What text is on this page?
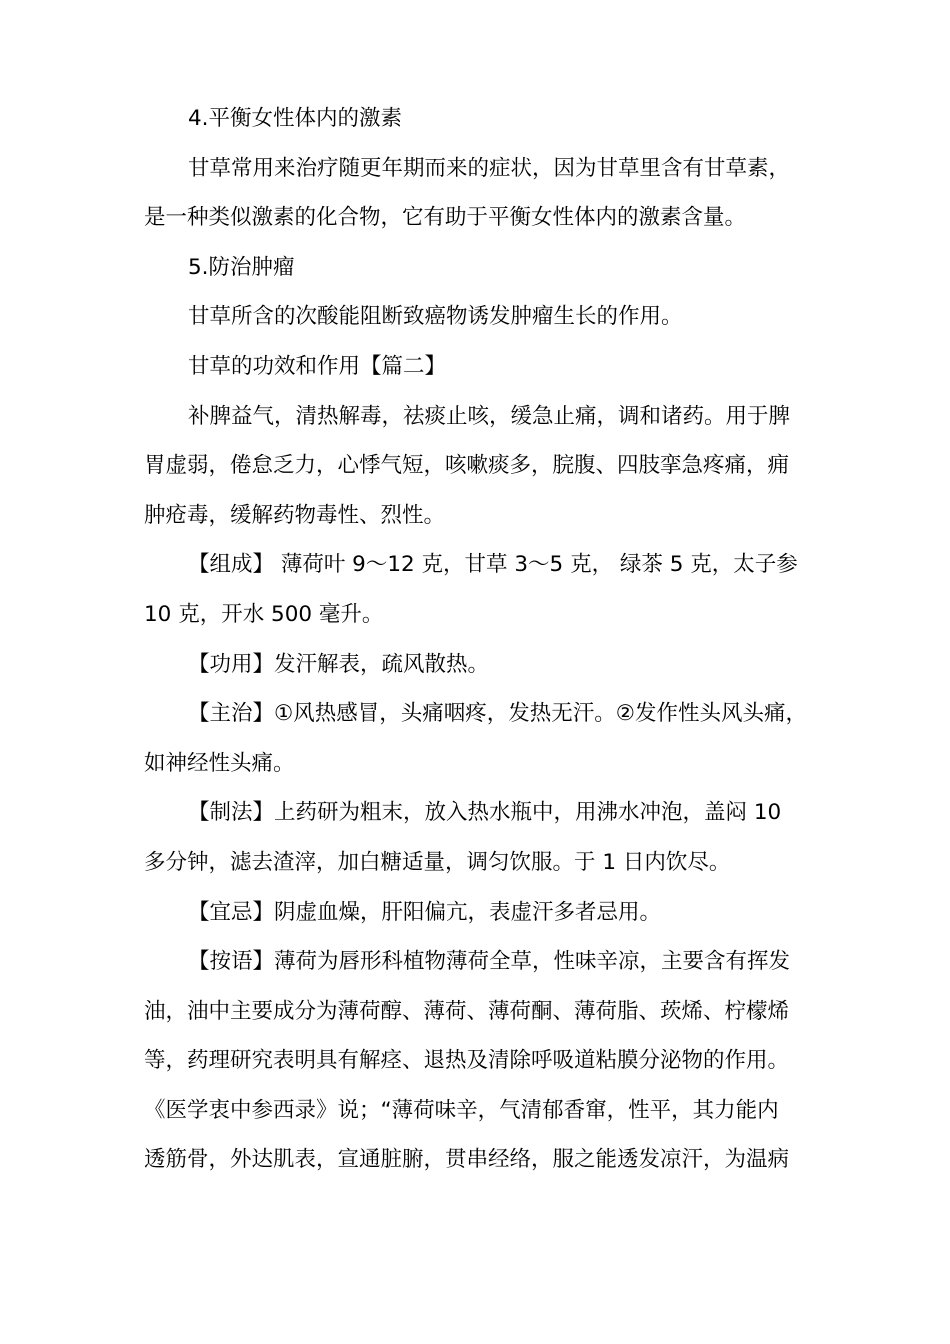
4.平衡女性体内的激素
甘草常用来治疗随更年期而来的症状，因为甘草里含有甘草素，
是一种类似激素的化合物，它有助于平衡女性体内的激素含量。
5.防治肿瘤
甘草所含的次酸能阻断致癌物诱发肿瘤生长的作用。
甘草的功效和作用【篇二】
补脾益气，清热解毒，祛痰止咳，缓急止痛，调和诸药。用于脾
胃虚弱，倦怠乏力，心悸气短，咳嗽痰多，脘腹、四肢挛急疼痛，痈
肿疮毒，缓解药物毒性、烈性。
【组成】 薄荷叶 9～12 克，甘草 3～5 克， 绿茶 5 克，太子参
10 克，开水 500 毫升。
【功用】发汗解表，疏风散热。
【主治】①风热感冒，头痛咽疼，发热无汗。②发作性头风头痛，
如神经性头痛。
【制法】上药研为粗末，放入热水瓶中，用沸水冲泡，盖闷 10
多分钟，滤去渣滓，加白糖适量，调匀饮服。于 1 日内饮尽。
【宜忌】阴虚血燥，肝阳偏亢，表虚汗多者忌用。
【按语】薄荷为唇形科植物薄荷全草，性味辛凉，主要含有挥发
油，油中主要成分为薄荷醇、薄荷、薄荷酮、薄荷脂、莰烯、柠檬烯
等，药理研究表明具有解痉、退热及清除呼吸道粘膜分泌物的作用。
《医学衷中参西录》说；“薄荷味辛，气清郁香窜，性平，其力能内
透筋骨，外达肌表，宣通脏腑，贯串经络，服之能透发凉汗，为温病
